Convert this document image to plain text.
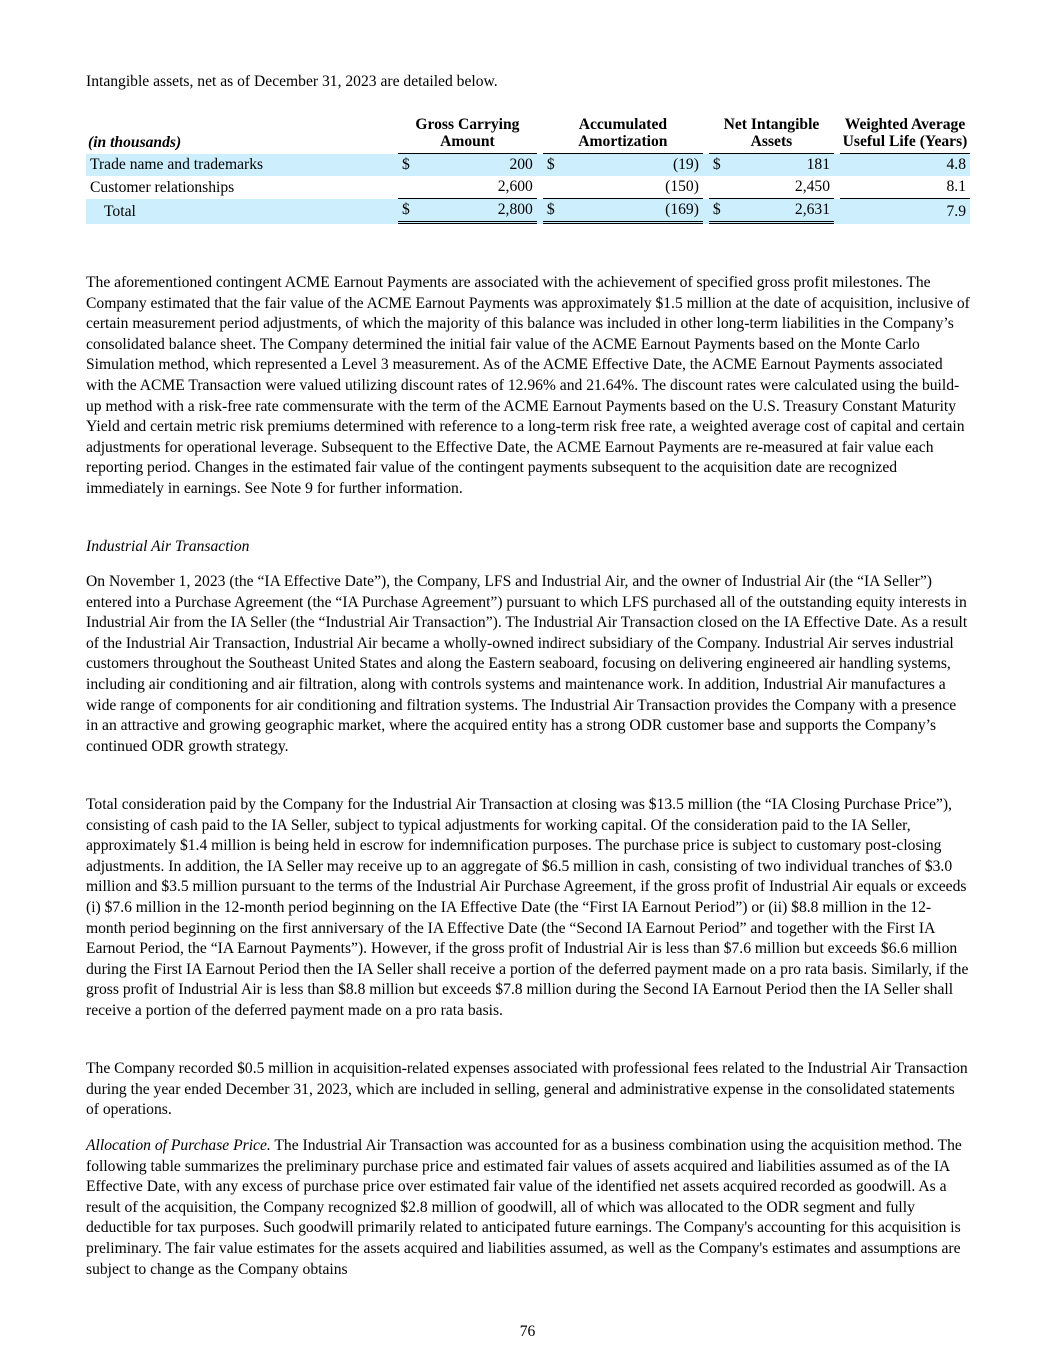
Intangible assets, net as of December 31, 2023 are detailed below.

(in thousands)	Gross Carrying Amount			Accumulated Amortization			Net Intangible Assets			Weighted Average Useful Life (Years)
Trade name and trademarks	$	200		$	(19)		$	181		4.8
Customer relationships		2,600			(150)			2,450		8.1
Total	$	2,800		$	(169)		$	2,631		7.9

The aforementioned contingent ACME Earnout Payments are associated with the achievement of specified gross profit milestones. The Company estimated that the fair value of the ACME Earnout Payments was approximately $1.5 million at the date of acquisition, inclusive of certain measurement period adjustments, of which the majority of this balance was included in other long-term liabilities in the Company’s consolidated balance sheet. The Company determined the initial fair value of the ACME Earnout Payments based on the Monte Carlo Simulation method, which represented a Level 3 measurement. As of the ACME Effective Date, the ACME Earnout Payments associated with the ACME Transaction were valued utilizing discount rates of 12.96% and 21.64%. The discount rates were calculated using the build-up method with a risk-free rate commensurate with the term of the ACME Earnout Payments based on the U.S. Treasury Constant Maturity Yield and certain metric risk premiums determined with reference to a long-term risk free rate, a weighted average cost of capital and certain adjustments for operational leverage. Subsequent to the Effective Date, the ACME Earnout Payments are re-measured at fair value each reporting period. Changes in the estimated fair value of the contingent payments subsequent to the acquisition date are recognized immediately in earnings. See Note 9 for further information.

Industrial Air Transaction

On November 1, 2023 (the “IA Effective Date”), the Company, LFS and Industrial Air, and the owner of Industrial Air (the “IA Seller”) entered into a Purchase Agreement (the “IA Purchase Agreement”) pursuant to which LFS purchased all of the outstanding equity interests in Industrial Air from the IA Seller (the “Industrial Air Transaction”). The Industrial Air Transaction closed on the IA Effective Date. As a result of the Industrial Air Transaction, Industrial Air became a wholly-owned indirect subsidiary of the Company. Industrial Air serves industrial customers throughout the Southeast United States and along the Eastern seaboard, focusing on delivering engineered air handling systems, including air conditioning and air filtration, along with controls systems and maintenance work. In addition, Industrial Air manufactures a wide range of components for air conditioning and filtration systems. The Industrial Air Transaction provides the Company with a presence in an attractive and growing geographic market, where the acquired entity has a strong ODR customer base and supports the Company’s continued ODR growth strategy.

Total consideration paid by the Company for the Industrial Air Transaction at closing was $13.5 million (the “IA Closing Purchase Price”), consisting of cash paid to the IA Seller, subject to typical adjustments for working capital. Of the consideration paid to the IA Seller, approximately $1.4 million is being held in escrow for indemnification purposes. The purchase price is subject to customary post-closing adjustments. In addition, the IA Seller may receive up to an aggregate of $6.5 million in cash, consisting of two individual tranches of $3.0 million and $3.5 million pursuant to the terms of the Industrial Air Purchase Agreement, if the gross profit of Industrial Air equals or exceeds (i) $7.6 million in the 12-month period beginning on the IA Effective Date (the “First IA Earnout Period”) or (ii) $8.8 million in the 12-month period beginning on the first anniversary of the IA Effective Date (the “Second IA Earnout Period” and together with the First IA Earnout Period, the “IA Earnout Payments”). However, if the gross profit of Industrial Air is less than $7.6 million but exceeds $6.6 million during the First IA Earnout Period then the IA Seller shall receive a portion of the deferred payment made on a pro rata basis. Similarly, if the gross profit of Industrial Air is less than $8.8 million but exceeds $7.8 million during the Second IA Earnout Period then the IA Seller shall receive a portion of the deferred payment made on a pro rata basis.

The Company recorded $0.5 million in acquisition-related expenses associated with professional fees related to the Industrial Air Transaction during the year ended December 31, 2023, which are included in selling, general and administrative expense in the consolidated statements of operations.

Allocation of Purchase Price. The Industrial Air Transaction was accounted for as a business combination using the acquisition method. The following table summarizes the preliminary purchase price and estimated fair values of assets acquired and liabilities assumed as of the IA Effective Date, with any excess of purchase price over estimated fair value of the identified net assets acquired recorded as goodwill. As a result of the acquisition, the Company recognized $2.8 million of goodwill, all of which was allocated to the ODR segment and fully deductible for tax purposes. Such goodwill primarily related to anticipated future earnings. The Company's accounting for this acquisition is preliminary. The fair value estimates for the assets acquired and liabilities assumed, as well as the Company's estimates and assumptions are subject to change as the Company obtains

76
